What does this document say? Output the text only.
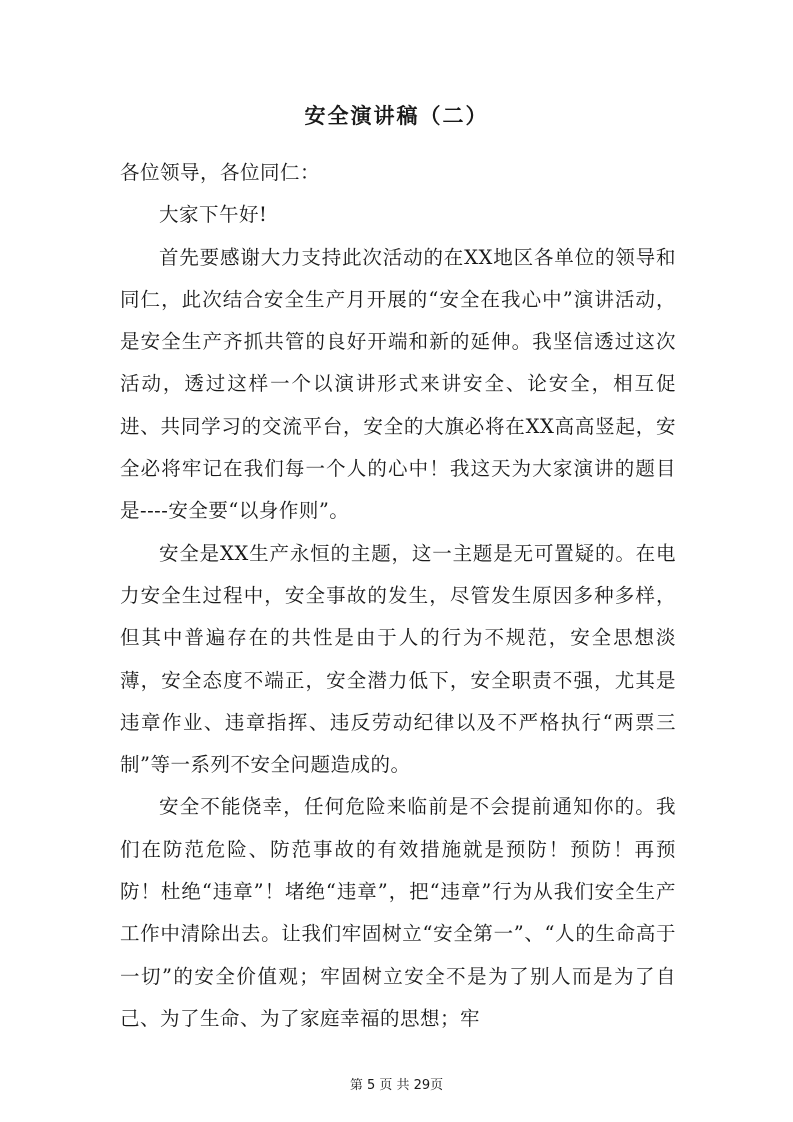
安全演讲稿（二）

各位领导，各位同仁：

大家下午好!

首先要感谢大力支持此次活动的在XX地区各单位的领导和同仁，此次结合安全生产月开展的“安全在我心中”演讲活动，是安全生产齐抓共管的良好开端和新的延伸。我坚信透过这次活动，透过这样一个以演讲形式来讲安全、论安全，相互促进、共同学习的交流平台，安全的大旗必将在XX高高竖起，安全必将牢记在我们每一个人的心中！我这天为大家演讲的题目是----安全要“以身作则”。

安全是XX生产永恒的主题，这一主题是无可置疑的。在电力安全生过程中，安全事故的发生，尽管发生原因多种多样，但其中普遍存在的共性是由于人的行为不规范，安全思想淡薄，安全态度不端正，安全潜力低下，安全职责不强，尤其是违章作业、违章指挥、违反劳动纪律以及不严格执行“两票三制”等一系列不安全问题造成的。

安全不能侥幸，任何危险来临前是不会提前通知你的。我们在防范危险、防范事故的有效措施就是预防！预防！再预防！杜绝“违章”！堵绝“违章”，把“违章”行为从我们安全生产工作中清除出去。让我们牢固树立“安全第一”、“人的生命高于一切”的安全价值观；牢固树立安全不是为了别人而是为了自己、为了生命、为了家庭幸福的思想；牢

第 5 页 共 29页
